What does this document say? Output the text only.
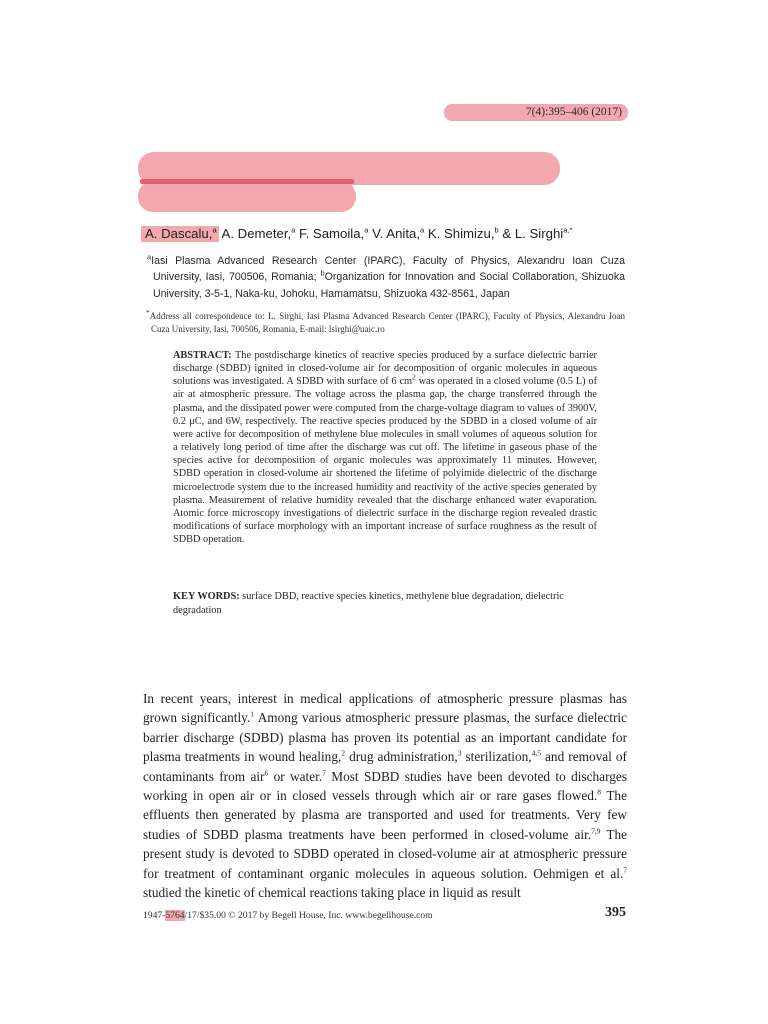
7(4):395–406 (2017)
A. Dascalu,$^a$ A. Demeter,$^a$ F. Samoila,$^a$ V. Anita,$^a$ K. Shimizu,$^b$ & L. Sirghi$^{a,*}$

$^a$Iasi Plasma Advanced Research Center (IPARC), Faculty of Physics, Alexandru Ioan Cuza University, Iasi, 700506, Romania; $^b$Organization for Innovation and Social Collaboration, Shizuoka University, 3-5-1, Naka-ku, Johoku, Hamamatsu, Shizuoka 432-8561, Japan

*Address all correspondence to: L. Sirghi, Iasi Plasma Advanced Research Center (IPARC), Faculty of Physics, Alexandru Ioan Cuza University, Iasi, 700506, Romania, E-mail: lsirghi@uaic.ro

ABSTRACT: The postdischarge kinetics of reactive species produced by a surface dielectric barrier discharge (SDBD) ignited in closed-volume air for decomposition of organic molecules in aqueous solutions was investigated. A SDBD with surface of 6 $cm^2$ was operated in a closed volume (0.5 L) of air at atmospheric pressure. The voltage across the plasma gap, the charge transferred through the plasma, and the dissipated power were computed from the charge-voltage diagram to values of 3900V, 0.2 μC, and 6W, respectively. The reactive species produced by the SDBD in a closed volume of air were active for decomposition of methylene blue molecules in small volumes of aqueous solution for a relatively long period of time after the discharge was cut off. The lifetime in gaseous phase of the species active for decomposition of organic molecules was approximately 11 minutes. However, SDBD operation in closed-volume air shortened the lifetime of polyimide dielectric of the discharge microelectrode system due to the increased humidity and reactivity of the active species generated by plasma. Measurement of relative humidity revealed that the discharge enhanced water evaporation. Atomic force microscopy investigations of dielectric surface in the discharge region revealed drastic modifications of surface morphology with an important increase of surface roughness as the result of SDBD operation.

KEY WORDS: surface DBD, reactive species kinetics, methylene blue degradation, dielectric degradation

In recent years, interest in medical applications of atmospheric pressure plasmas has grown significantly.$^1$ Among various atmospheric pressure plasmas, the surface dielectric barrier discharge (SDBD) plasma has proven its potential as an important candidate for plasma treatments in wound healing,$^2$ drug administration,$^3$ sterilization,$^{4,5}$ and removal of contaminants from air$^6$ or water.$^7$ Most SDBD studies have been devoted to discharges working in open air or in closed vessels through which air or rare gases flowed.$^8$ The effluents then generated by plasma are transported and used for treatments. Very few studies of SDBD plasma treatments have been performed in closed-volume air.$^{7,9}$ The present study is devoted to SDBD operated in closed-volume air at atmospheric pressure for treatment of contaminant organic molecules in aqueous solution. Oehmigen et al.$^7$ studied the kinetic of chemical reactions taking place in liquid as result

1947-5764/17/$35.00 © 2017 by Begell House, Inc. www.begellhouse.com	395
